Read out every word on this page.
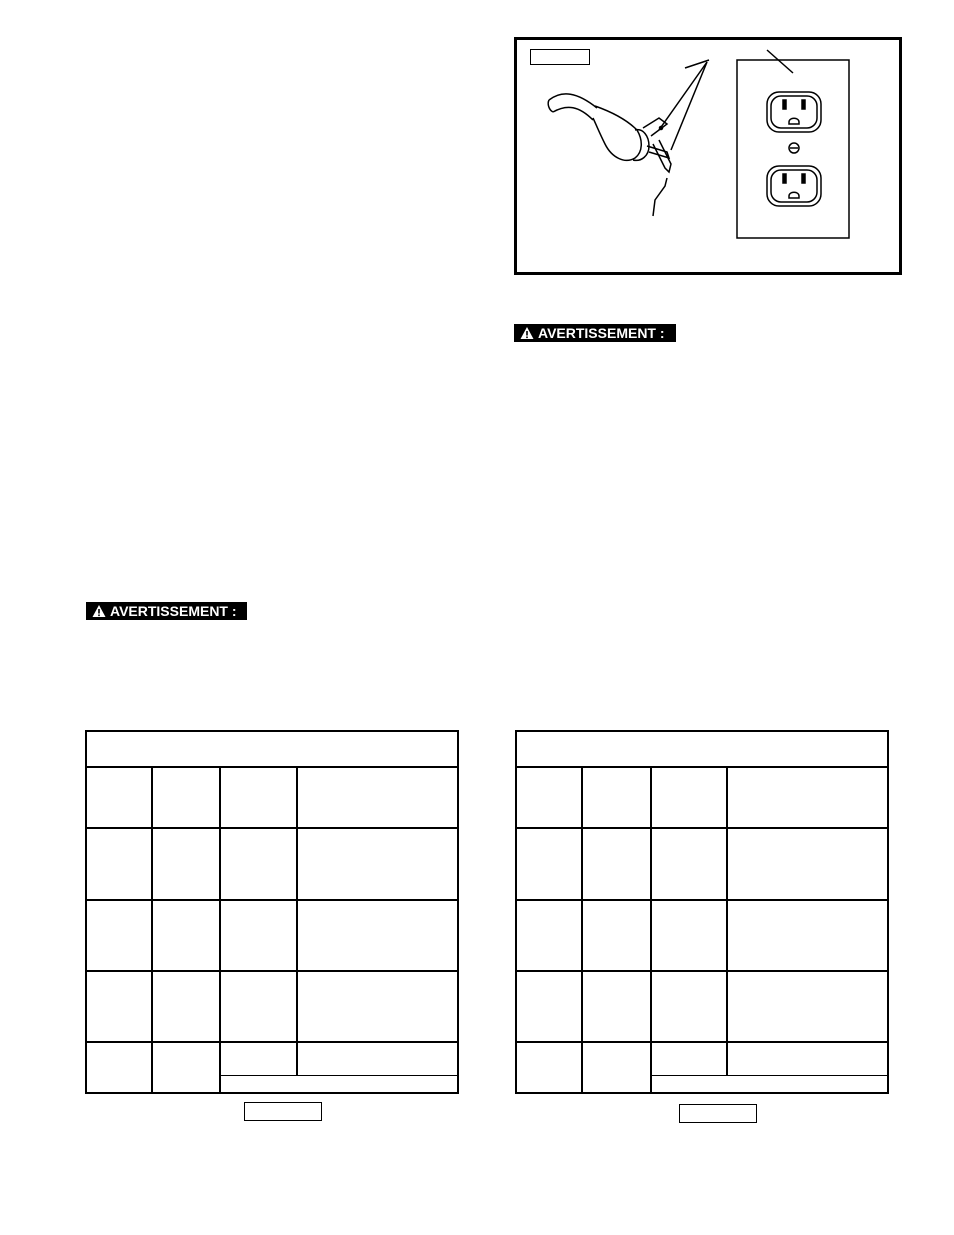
AVERTISSEMENT :
AVERTISSEMENT :
